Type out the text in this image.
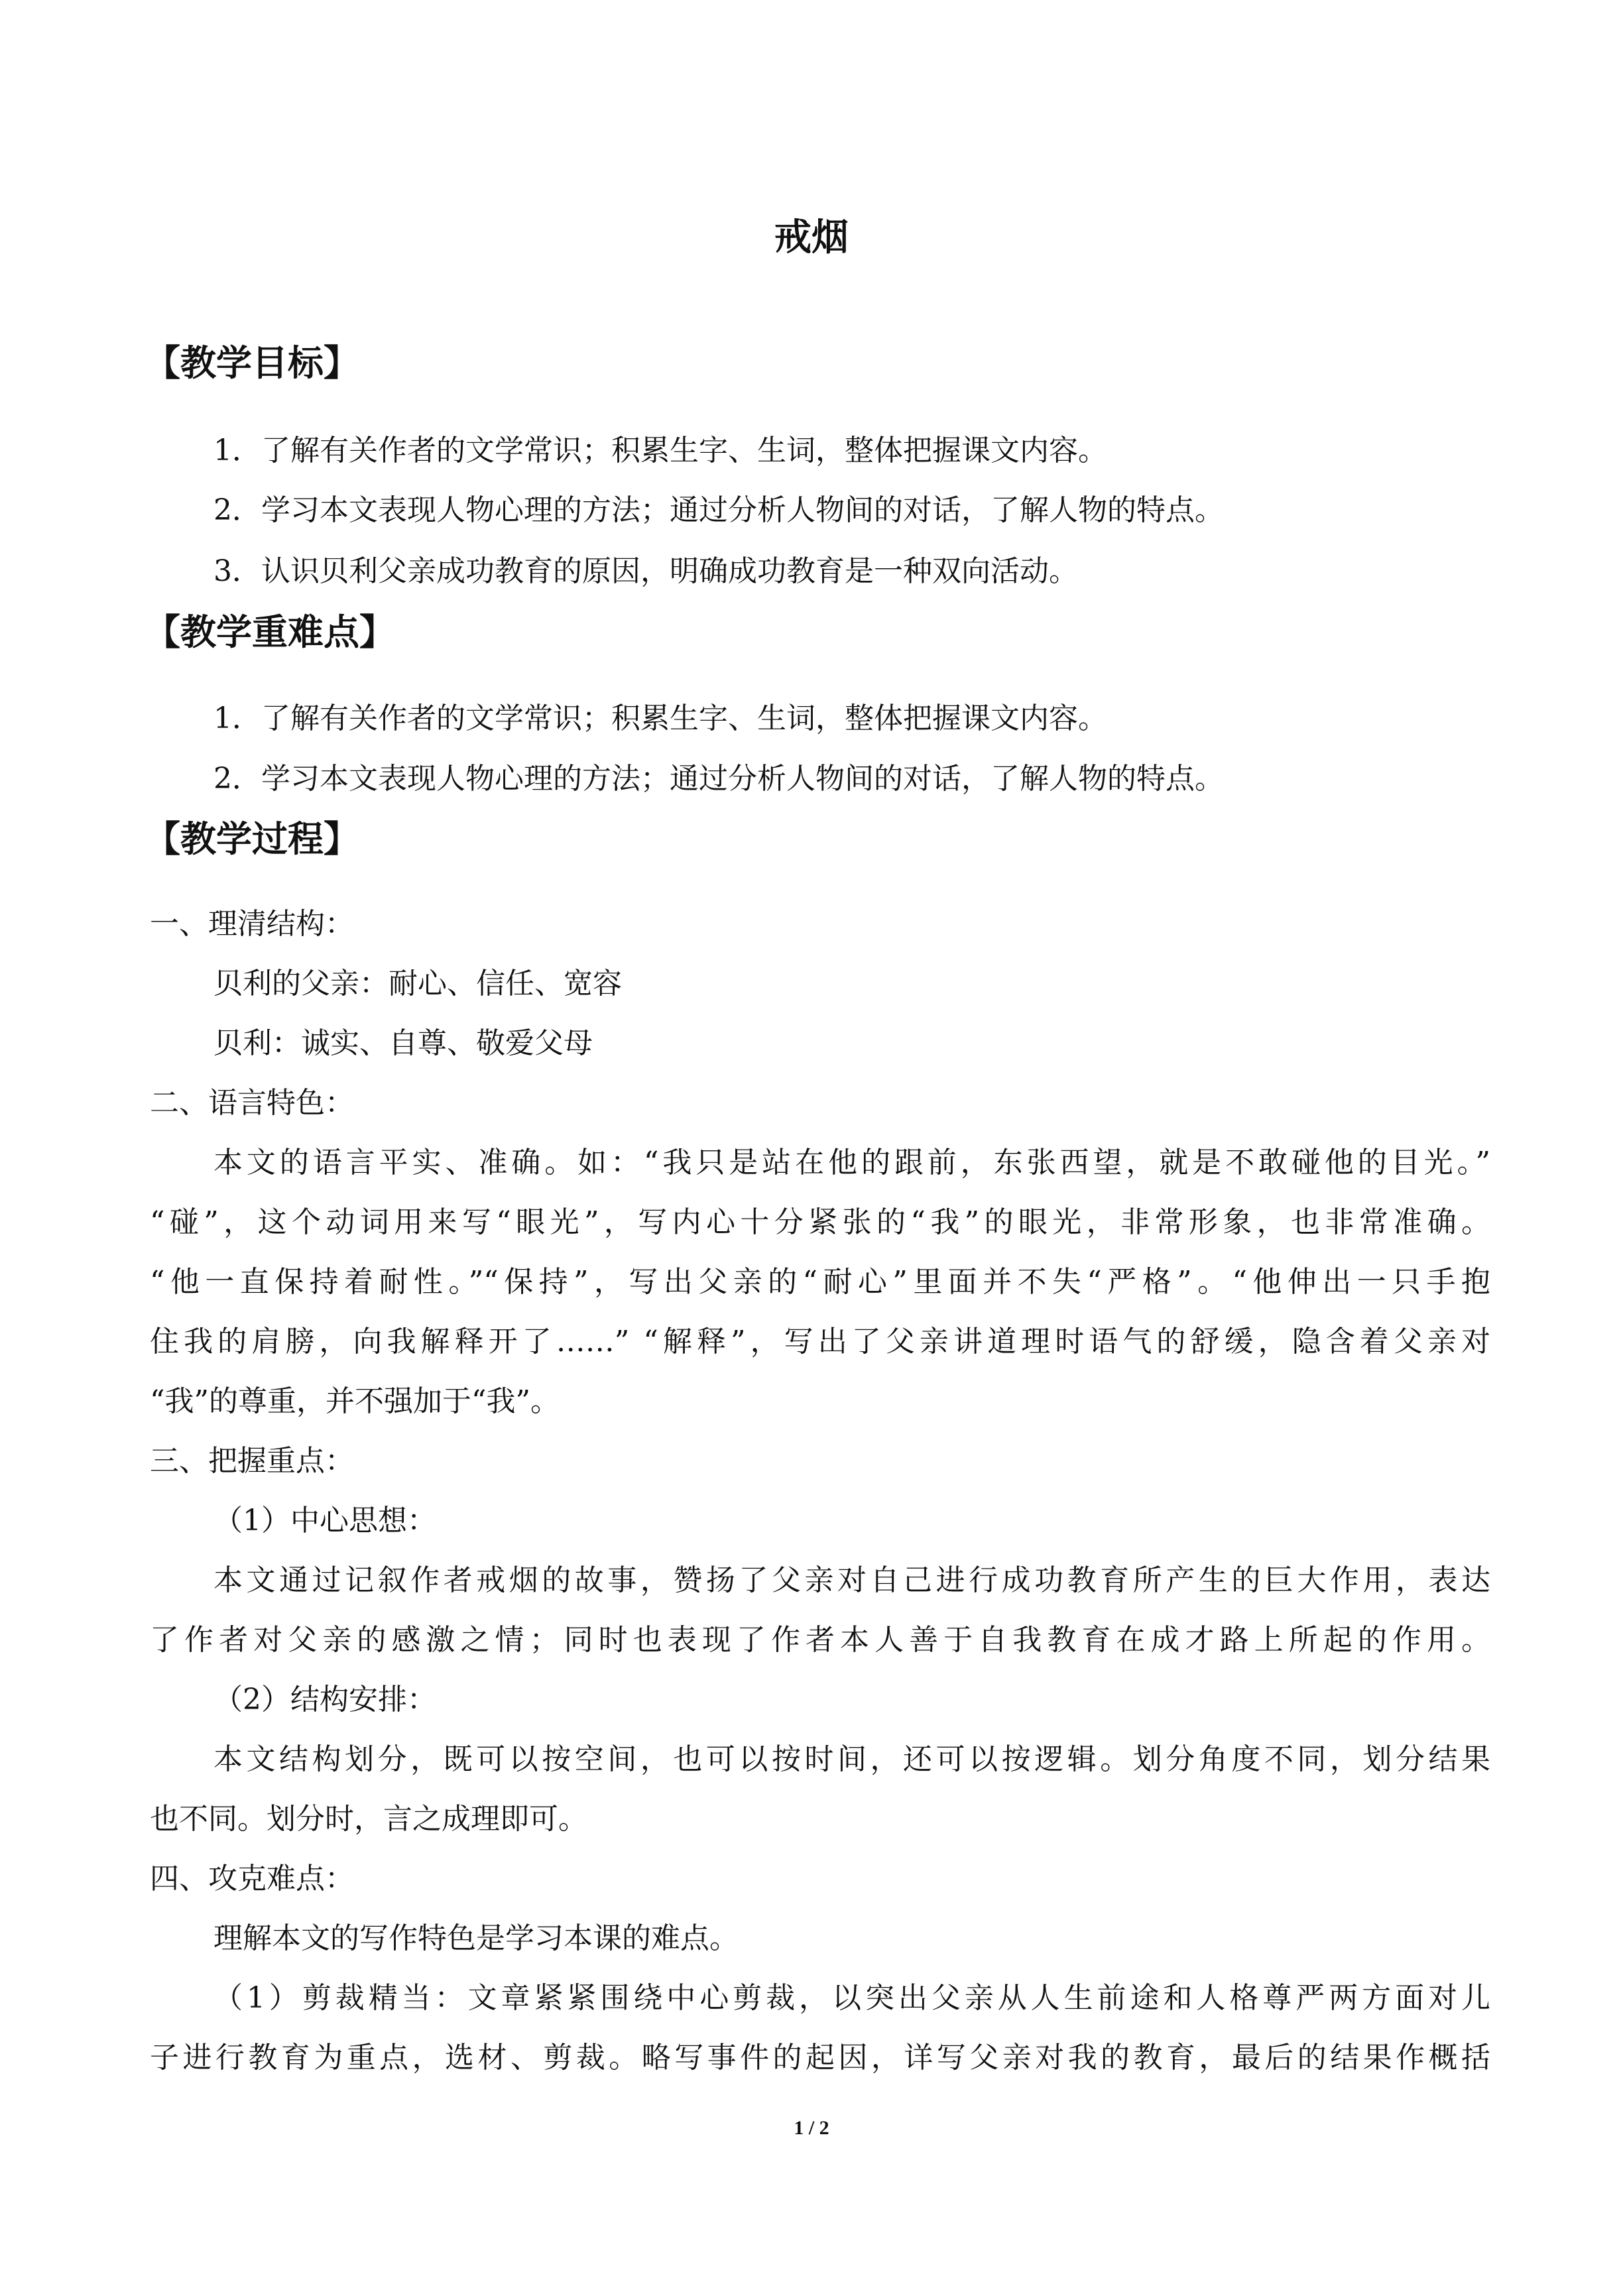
戒烟
【教学目标】

1．了解有关作者的文学常识；积累生字、生词，整体把握课文内容。

2．学习本文表现人物心理的方法；通过分析人物间的对话，了解人物的特点。

3．认识贝利父亲成功教育的原因，明确成功教育是一种双向活动。

【教学重难点】

1．了解有关作者的文学常识；积累生字、生词，整体把握课文内容。

2．学习本文表现人物心理的方法；通过分析人物间的对话，了解人物的特点。

【教学过程】

一、理清结构：

贝利的父亲：耐心、信任、宽容

贝利：诚实、自尊、敬爱父母

二、语言特色：

本文的语言平实、准确。如：“我只是站在他的跟前，东张西望，就是不敢碰他的目光。”

“碰”，这个动词用来写“眼光”，写内心十分紧张的“我”的眼光，非常形象，也非常准确。

“他一直保持着耐性。”“保持”，写出父亲的“耐心”里面并不失“严格”。“他伸出一只手抱

住我的肩膀，向我解释开了……” “解释”，写出了父亲讲道理时语气的舒缓，隐含着父亲对

“我”的尊重，并不强加于“我”。

三、把握重点：

（1）中心思想：

本文通过记叙作者戒烟的故事，赞扬了父亲对自己进行成功教育所产生的巨大作用，表达

了作者对父亲的感激之情；同时也表现了作者本人善于自我教育在成才路上所起的作用。

（2）结构安排：

本文结构划分，既可以按空间，也可以按时间，还可以按逻辑。划分角度不同，划分结果

也不同。划分时，言之成理即可。

四、攻克难点：

理解本文的写作特色是学习本课的难点。

（1）剪裁精当：文章紧紧围绕中心剪裁，以突出父亲从人生前途和人格尊严两方面对儿

子进行教育为重点，选材、剪裁。略写事件的起因，详写父亲对我的教育，最后的结果作概括

1 / 2
